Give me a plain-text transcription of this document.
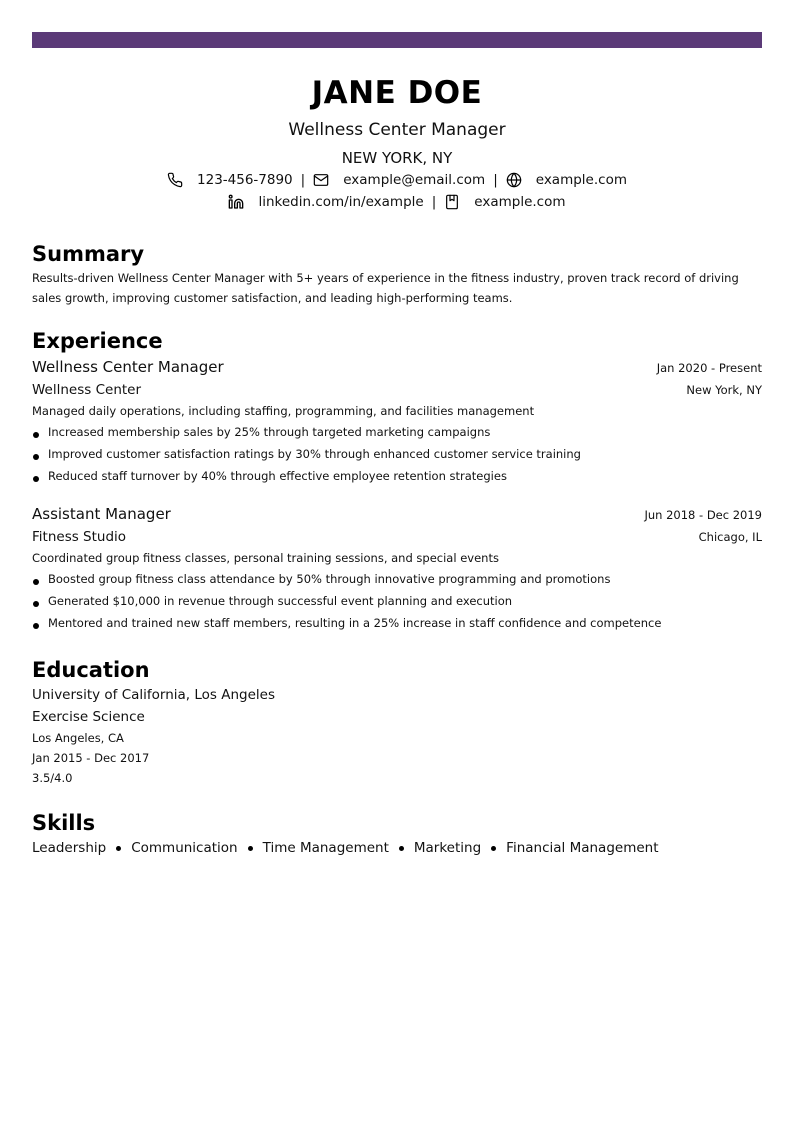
JANE DOE
Wellness Center Manager
NEW YORK, NY
123-456-7890 |	example@email.com |	example.com
linkedin.com/in/example |	example.com
Summary
Results-driven Wellness Center Manager with 5+ years of experience in the fitness industry, proven track record of driving sales growth, improving customer satisfaction, and leading high-performing teams.
Experience
Wellness Center Manager	Jan 2020 - Present
Wellness Center	New York, NY
Managed daily operations, including staffing, programming, and facilities management
Increased membership sales by 25% through targeted marketing campaigns
Improved customer satisfaction ratings by 30% through enhanced customer service training
Reduced staff turnover by 40% through effective employee retention strategies
Assistant Manager	Jun 2018 - Dec 2019
Fitness Studio	Chicago, IL
Coordinated group fitness classes, personal training sessions, and special events
Boosted group fitness class attendance by 50% through innovative programming and promotions
Generated $10,000 in revenue through successful event planning and execution
Mentored and trained new staff members, resulting in a 25% increase in staff confidence and competence
Education
University of California, Los Angeles
Exercise Science
Los Angeles, CA
Jan 2015 - Dec 2017
3.5/4.0
Skills
Leadership Communication Time Management Marketing Financial Management
